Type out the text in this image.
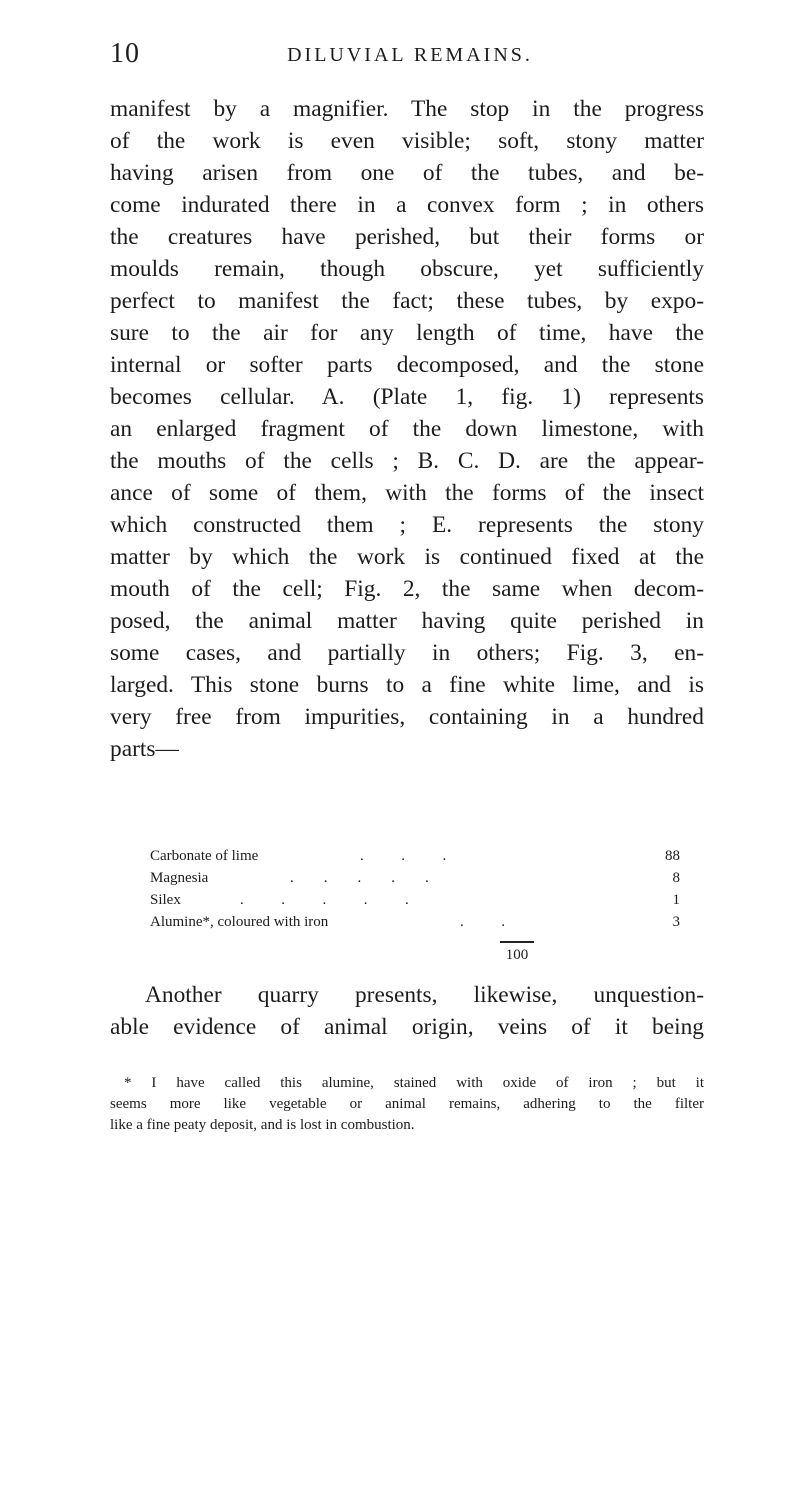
10	DILUVIAL REMAINS.
manifest by a magnifier. The stop in the progress
of the work is even visible; soft, stony matter
having arisen from one of the tubes, and be-
come indurated there in a convex form ; in others
the creatures have perished, but their forms or
moulds remain, though obscure, yet sufficiently
perfect to manifest the fact; these tubes, by expo-
sure to the air for any length of time, have the
internal or softer parts decomposed, and the stone
becomes cellular. A. (Plate 1, fig. 1) represents
an enlarged fragment of the down limestone, with
the mouths of the cells ; B. C. D. are the appear-
ance of some of them, with the forms of the insect
which constructed them ; E. represents the stony
matter by which the work is continued fixed at the
mouth of the cell; Fig. 2, the same when decom-
posed, the animal matter having quite perished in
some cases, and partially in others; Fig. 3, en-
larged. This stone burns to a fine white lime, and is
very free from impurities, containing in a hundred
parts—
Carbonate of lime	.          .          .	88
Magnesia	.        .        .        .        .	8
Silex	.          .          .          .          .	1
Alumine*, coloured with iron	.          .	3
100
Another quarry presents, likewise, unquestion-
able evidence of animal origin, veins of it being
* I have called this alumine, stained with oxide of iron ; but it
seems more like vegetable or animal remains, adhering to the filter
like a fine peaty deposit, and is lost in combustion.
